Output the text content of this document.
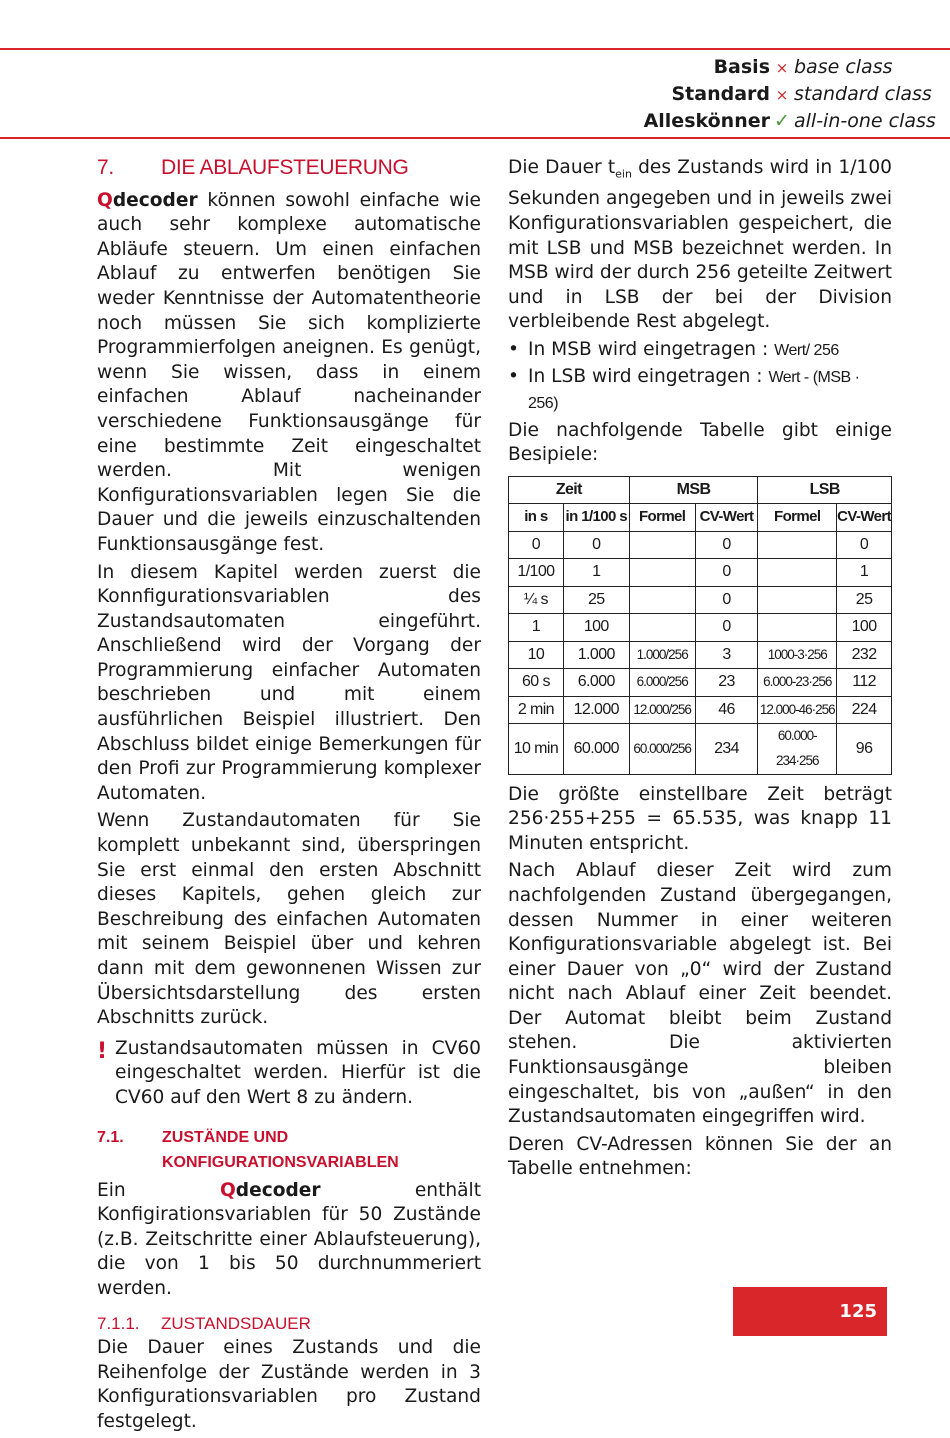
Basis × base class
Standard × standard class
Alleskönner ✓ all-in-one class
7. DIE ABLAUFSTEUERUNG

Qdecoder können sowohl einfache wie auch sehr komplexe automatische Abläufe steuern. Um einen einfachen Ablauf zu entwerfen benötigen Sie weder Kenntnisse der Automatentheorie noch müssen Sie sich komplizierte Programmierfolgen aneignen. Es genügt, wenn Sie wissen, dass in einem einfachen Ablauf nacheinander verschiedene Funktionsausgänge für eine bestimmte Zeit eingeschaltet werden. Mit wenigen Konfigurationsvariablen legen Sie die Dauer und die jeweils einzuschaltenden Funktionsausgänge fest.

In diesem Kapitel werden zuerst die Konnfigurationsvariablen des Zustandsautomaten eingeführt. Anschließend wird der Vorgang der Programmierung einfacher Automaten beschrieben und mit einem ausführlichen Beispiel illustriert. Den Abschluss bildet einige Bemerkungen für den Profi zur Programmierung komplexer Automaten.

Wenn Zustandautomaten für Sie komplett unbekannt sind, überspringen Sie erst einmal den ersten Abschnitt dieses Kapitels, gehen gleich zur Beschreibung des einfachen Automaten mit seinem Beispiel über und kehren dann mit dem gewonnenen Wissen zur Übersichtsdarstellung des ersten Abschnitts zurück.

! Zustandsautomaten müssen in CV60 eingeschaltet werden. Hierfür ist die CV60 auf den Wert 8 zu ändern.
7.1.	ZUSTÄNDE UND KONFIGURATIONSVARIABLEN

Ein Qdecoder enthält Konfigirationsvariablen für 50 Zustände (z.B. Zeitschritte einer Ablaufsteuerung), die von 1 bis 50 durchnummeriert werden.

7.1.1. ZUSTANDSDAUER

Die Dauer eines Zustands und die Reihenfolge der Zustände werden in 3 Konfigurationsvariablen pro Zustand festgelegt.

Die Dauer $t_{ein}$ des Zustands wird in 1/100 Sekunden angegeben und in jeweils zwei Konfigurationsvariablen gespeichert, die mit LSB und MSB bezeichnet werden. In MSB wird der durch 256 geteilte Zeitwert und in LSB der bei der Division verbleibende Rest abgelegt.

• In MSB wird eingetragen : Wert/ 256
• In LSB wird eingetragen : Wert - (MSB · 256)

Die nachfolgende Tabelle gibt einige Besipiele:

Zeit		MSB		LSB	
in s	in 1/100 s	Formel	CV-Wert	Formel	CV-Wert
0	0		0		0
1/100	1		0		1
¼ s	25		0		25
1	100		0		100
10	1.000	1.000/256	3	1000-3·256	232
60 s	6.000	6.000/256	23	6.000-23·256	112
2 min	12.000	12.000/256	46	12.000-46·256	224
10 min	60.000	60.000/256	234	60.000-234·256	96

Die größte einstellbare Zeit beträgt 256·255+255 = 65.535, was knapp 11 Minuten entspricht.

Nach Ablauf dieser Zeit wird zum nachfolgenden Zustand übergegangen, dessen Nummer in einer weiteren Konfigurationsvariable abgelegt ist. Bei einer Dauer von „0“ wird der Zustand nicht nach Ablauf einer Zeit beendet. Der Automat bleibt beim Zustand stehen. Die aktivierten Funktionsausgänge bleiben eingeschaltet, bis von „außen“ in den Zustandsautomaten eingegriffen wird.

Deren CV-Adressen können Sie der an Tabelle entnehmen:

125
